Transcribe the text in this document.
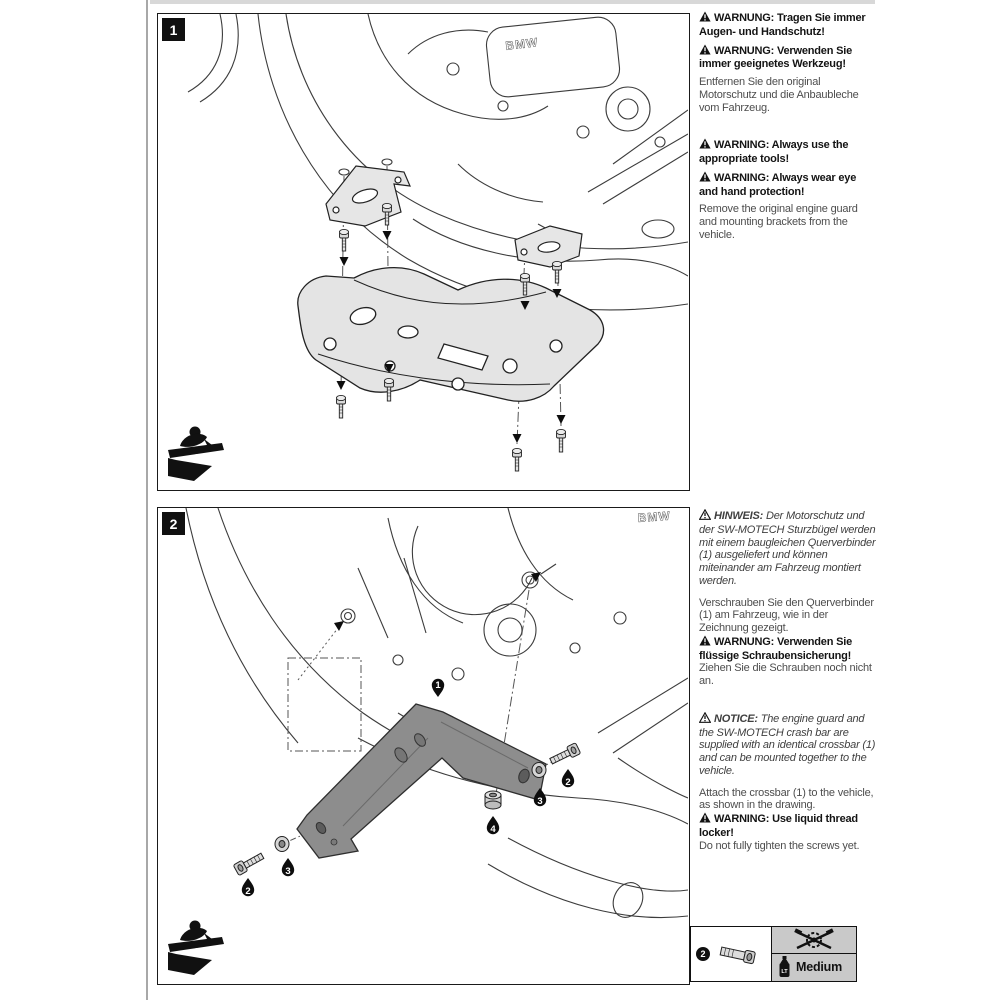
1
BMW
2	BMW
1
2
3
4
3
2

WARNUNG: Tragen Sie immer Augen- und Handschutz!

WARNUNG: Verwenden Sie immer geeignetes Werkzeug!

Entfernen Sie den original Motorschutz und die Anbaubleche vom Fahrzeug.

WARNING: Always use the appropriate tools!

WARNING: Always wear eye and hand protection!

Remove the original engine guard and mounting brackets from the vehicle.

HINWEIS: Der Motorschutz und der SW-MOTECH Sturzbügel werden mit einem baugleichen Querverbinder (1) ausgeliefert und können miteinander am Fahrzeug montiert werden.

Verschrauben Sie den Querverbinder (1) am Fahrzeug, wie in der Zeichnung gezeigt.

WARNUNG: Verwenden Sie flüssige Schraubensicherung!

Ziehen Sie die Schrauben noch nicht an.

NOTICE: The engine guard and the SW-MOTECH crash bar are supplied with an identical crossbar (1) and can be mounted together to the vehicle.

Attach the crossbar (1) to the vehicle, as shown in the drawing.

WARNING: Use liquid thread locker!

Do not fully tighten the screws yet.

2
LT Medium
